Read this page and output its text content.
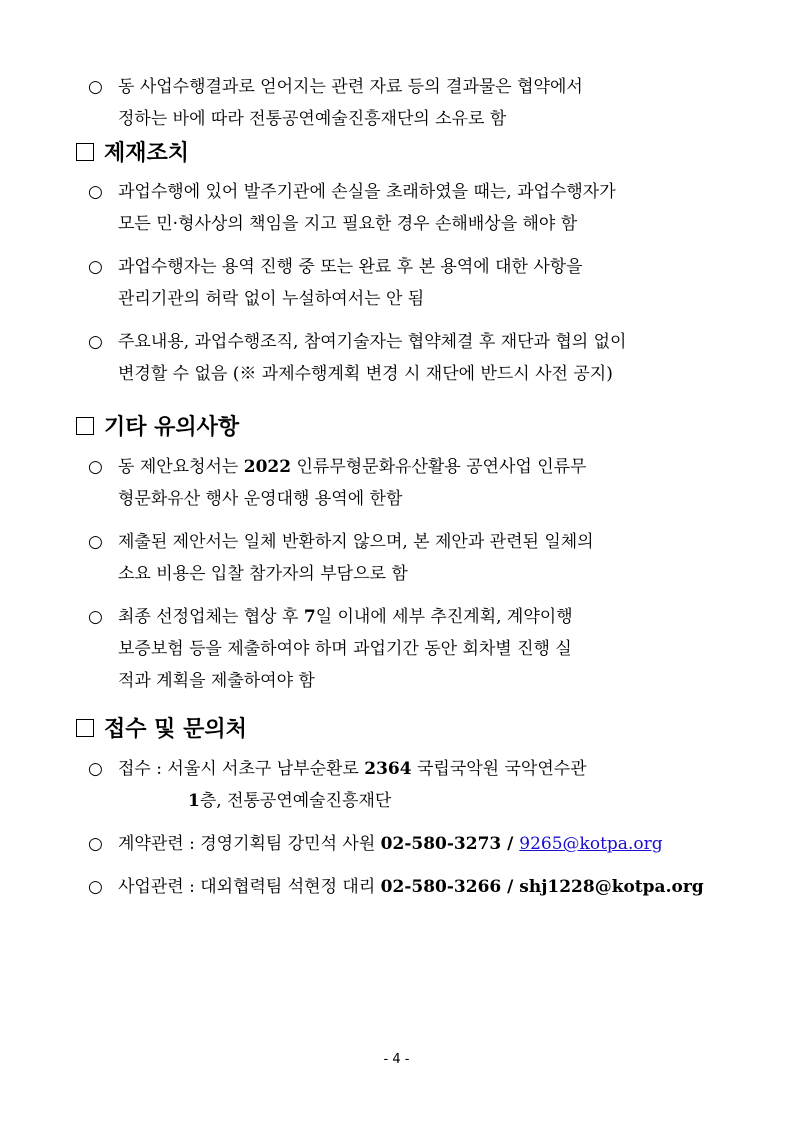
○ 동 사업수행결과로 얻어지는 관련 자료 등의 결과물은 협약에서
정하는 바에 따라 전통공연예술진흥재단의 소유로 함
제재조치
○ 과업수행에 있어 발주기관에 손실을 초래하였을 때는, 과업수행자가
모든 민·형사상의 책임을 지고 필요한 경우 손해배상을 해야 함
○ 과업수행자는 용역 진행 중 또는 완료 후 본 용역에 대한 사항을
관리기관의 허락 없이 누설하여서는 안 됨
○ 주요내용, 과업수행조직, 참여기술자는 협약체결 후 재단과 협의 없이
변경할 수 없음 (※ 과제수행계획 변경 시 재단에 반드시 사전 공지)
기타 유의사항
○ 동 제안요청서는 2022 인류무형문화유산활용 공연사업 인류무
형문화유산 행사 운영대행 용역에 한함
○ 제출된 제안서는 일체 반환하지 않으며, 본 제안과 관련된 일체의
소요 비용은 입찰 참가자의 부담으로 함
○ 최종 선정업체는 협상 후 7일 이내에 세부 추진계획, 계약이행
보증보험 등을 제출하여야 하며 과업기간 동안 회차별 진행 실
적과 계획을 제출하여야 함
접수 및 문의처
○ 접수 : 서울시 서초구 남부순환로 2364 국립국악원 국악연수관
1층, 전통공연예술진흥재단
○ 계약관련 : 경영기획팀 강민석 사원 02-580-3273 / 9265@kotpa.org
○ 사업관련 : 대외협력팀 석현정 대리 02-580-3266 / shj1228@kotpa.org
- 4 -
